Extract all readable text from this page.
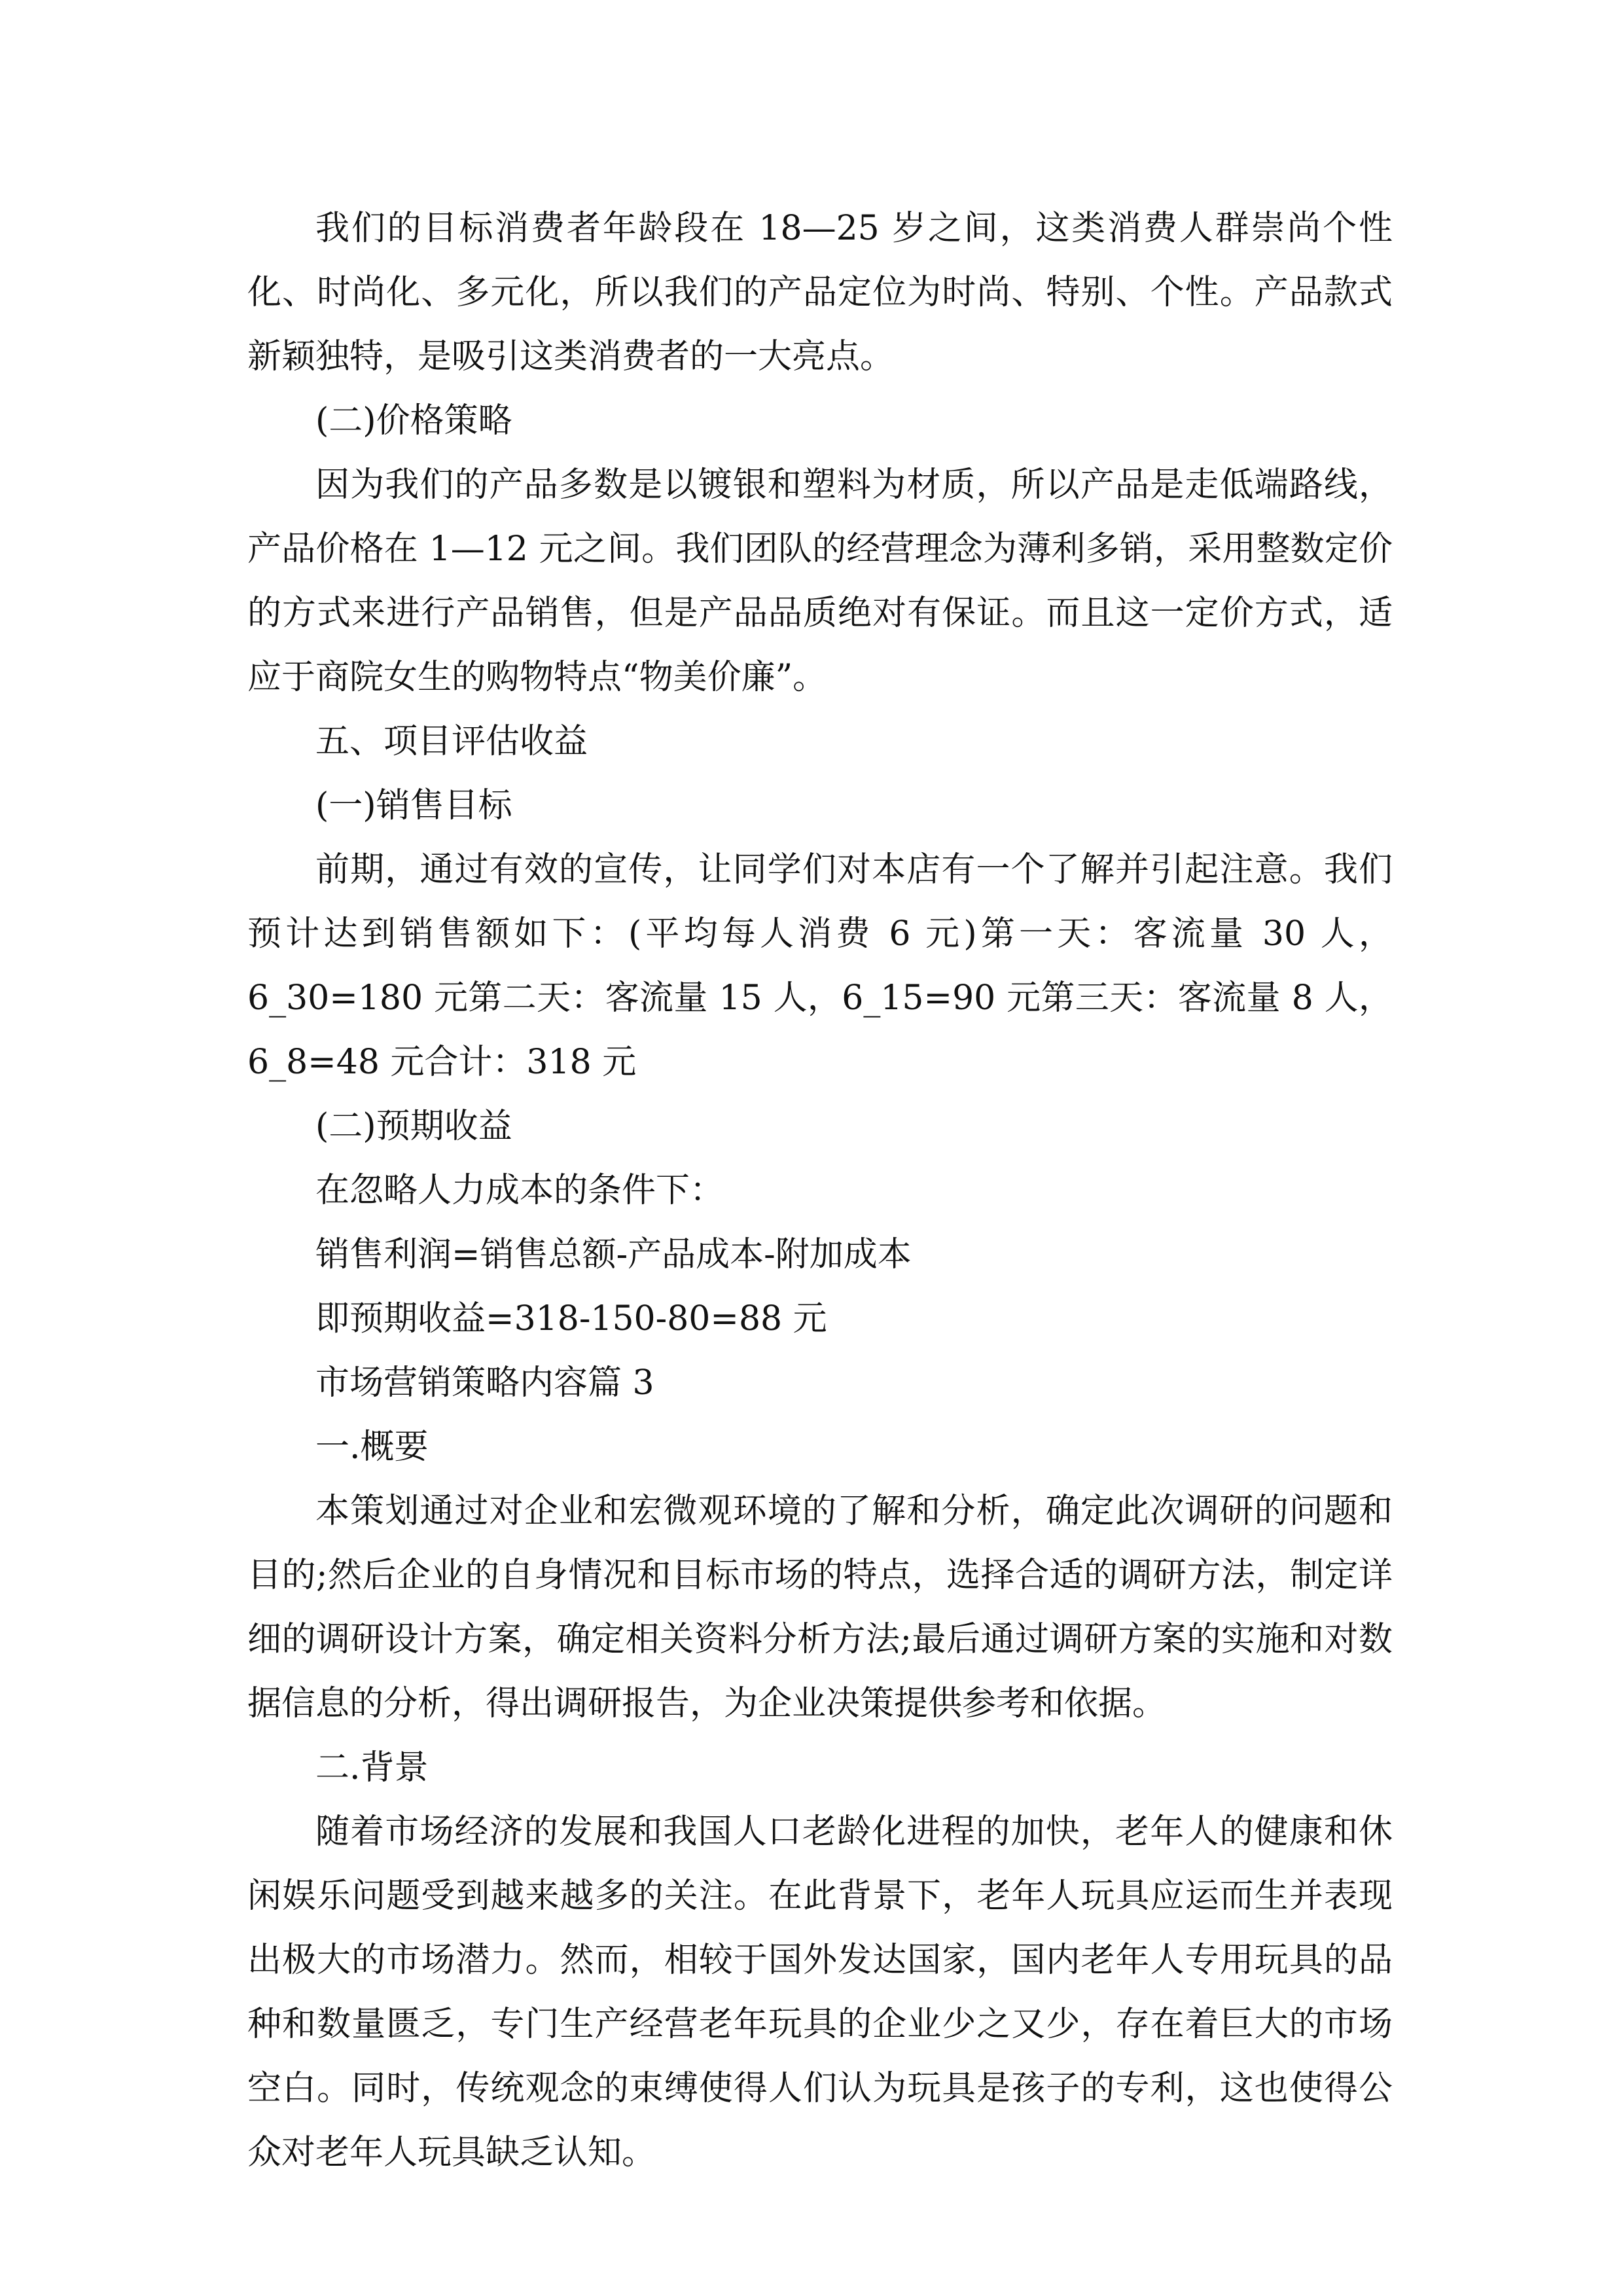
我们的目标消费者年龄段在 18—25 岁之间，这类消费人群崇尚个性化、时尚化、多元化，所以我们的产品定位为时尚、特别、个性。产品款式新颖独特，是吸引这类消费者的一大亮点。

(二)价格策略

因为我们的产品多数是以镀银和塑料为材质，所以产品是走低端路线，产品价格在 1—12 元之间。我们团队的经营理念为薄利多销，采用整数定价的方式来进行产品销售，但是产品品质绝对有保证。而且这一定价方式，适应于商院女生的购物特点“物美价廉”。

五、项目评估收益

(一)销售目标

前期，通过有效的宣传，让同学们对本店有一个了解并引起注意。我们预计达到销售额如下：(平均每人消费 6 元)第一天：客流量 30 人，6_30=180 元第二天：客流量 15 人，6_15=90 元第三天：客流量 8 人，6_8=48 元合计：318 元

(二)预期收益

在忽略人力成本的条件下：

销售利润=销售总额-产品成本-附加成本

即预期收益=318-150-80=88 元

市场营销策略内容篇 3

一.概要

本策划通过对企业和宏微观环境的了解和分析，确定此次调研的问题和目的;然后企业的自身情况和目标市场的特点，选择合适的调研方法，制定详细的调研设计方案，确定相关资料分析方法;最后通过调研方案的实施和对数据信息的分析，得出调研报告，为企业决策提供参考和依据。

二.背景

随着市场经济的发展和我国人口老龄化进程的加快，老年人的健康和休闲娱乐问题受到越来越多的关注。在此背景下，老年人玩具应运而生并表现出极大的市场潜力。然而，相较于国外发达国家，国内老年人专用玩具的品种和数量匮乏，专门生产经营老年玩具的企业少之又少，存在着巨大的市场空白。同时，传统观念的束缚使得人们认为玩具是孩子的专利，这也使得公众对老年人玩具缺乏认知。
